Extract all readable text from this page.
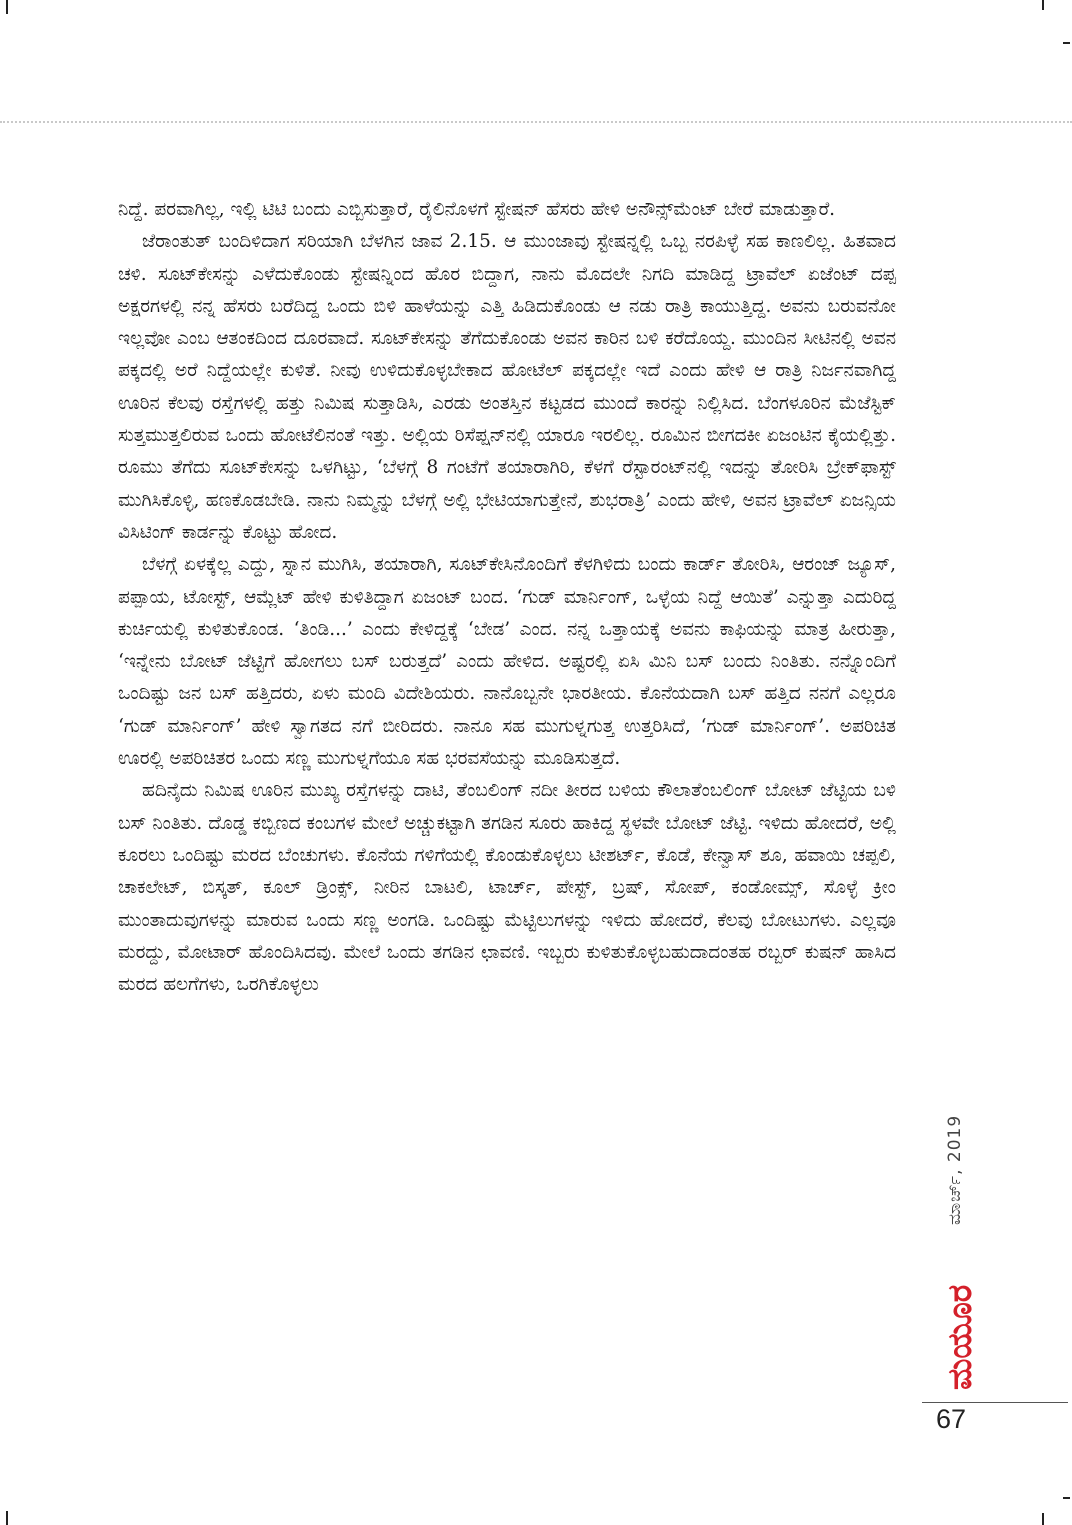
ನಿದ್ದೆ. ಪರವಾಗಿಲ್ಲ, ಇಲ್ಲಿ ಟಿಟಿ ಬಂದು ಎಬ್ಬಿಸುತ್ತಾರೆ, ರೈಲಿನೊಳಗೆ ಸ್ಟೇಷನ್ ಹೆಸರು ಹೇಳಿ ಅನೌನ್ಸ್‌ಮೆಂಟ್ ಬೇರೆ ಮಾಡುತ್ತಾರೆ.

ಜೆರಾಂತುತ್ ಬಂದಿಳಿದಾಗ ಸರಿಯಾಗಿ ಬೆಳಗಿನ ಜಾವ 2.15. ಆ ಮುಂಜಾವು ಸ್ಟೇಷನ್ನಲ್ಲಿ ಒಬ್ಬ ನರಪಿಳ್ಳೆ ಸಹ ಕಾಣಲಿಲ್ಲ. ಹಿತವಾದ ಚಳಿ. ಸೂಟ್‌ಕೇಸನ್ನು ಎಳೆದುಕೊಂಡು ಸ್ಟೇಷನ್ನಿಂದ ಹೊರ ಬಿದ್ದಾಗ, ನಾನು ಮೊದಲೇ ನಿಗದಿ ಮಾಡಿದ್ದ ಟ್ರಾವೆಲ್ ಏಜೆಂಟ್ ದಪ್ಪ ಅಕ್ಷರಗಳಲ್ಲಿ ನನ್ನ ಹೆಸರು ಬರೆದಿದ್ದ ಒಂದು ಬಿಳಿ ಹಾಳೆಯನ್ನು ಎತ್ತಿ ಹಿಡಿದುಕೊಂಡು ಆ ನಡು ರಾತ್ರಿ ಕಾಯುತ್ತಿದ್ದ. ಅವನು ಬರುವನೋ ಇಲ್ಲವೋ ಎಂಬ ಆತಂಕದಿಂದ ದೂರವಾದೆ. ಸೂಟ್‌ಕೇಸನ್ನು ತೆಗೆದುಕೊಂಡು ಅವನ ಕಾರಿನ ಬಳಿ ಕರೆದೊಯ್ದ. ಮುಂದಿನ ಸೀಟಿನಲ್ಲಿ ಅವನ ಪಕ್ಕದಲ್ಲಿ ಅರೆ ನಿದ್ದೆಯಲ್ಲೇ ಕುಳಿತೆ. ನೀವು ಉಳಿದುಕೊಳ್ಳಬೇಕಾದ ಹೋಟೆಲ್ ಪಕ್ಕದಲ್ಲೇ ಇದೆ ಎಂದು ಹೇಳಿ ಆ ರಾತ್ರಿ ನಿರ್ಜನವಾಗಿದ್ದ ಊರಿನ ಕೆಲವು ರಸ್ತೆಗಳಲ್ಲಿ ಹತ್ತು ನಿಮಿಷ ಸುತ್ತಾಡಿಸಿ, ಎರಡು ಅಂತಸ್ತಿನ ಕಟ್ಟಡದ ಮುಂದೆ ಕಾರನ್ನು ನಿಲ್ಲಿಸಿದ. ಬೆಂಗಳೂರಿನ ಮೆಜೆಸ್ಟಿಕ್ ಸುತ್ತಮುತ್ತಲಿರುವ ಒಂದು ಹೋಟೆಲಿನಂತೆ ಇತ್ತು. ಅಲ್ಲಿಯ ರಿಸೆಪ್ಷನ್‌ನಲ್ಲಿ ಯಾರೂ ಇರಲಿಲ್ಲ. ರೂಮಿನ ಬೀಗದಕೀ ಏಜಂಟಿನ ಕೈಯಲ್ಲಿತ್ತು. ರೂಮು ತೆಗೆದು ಸೂಟ್‌ಕೇಸನ್ನು ಒಳಗಿಟ್ಟು, ‘ಬೆಳಗ್ಗೆ 8 ಗಂಟೆಗೆ ತಯಾರಾಗಿರಿ, ಕೆಳಗೆ ರೆಸ್ಟಾರಂಟ್‌ನಲ್ಲಿ ಇದನ್ನು ತೋರಿಸಿ ಬ್ರೇಕ್‌ಫಾಸ್ಟ್ ಮುಗಿಸಿಕೊಳ್ಳಿ, ಹಣಕೊಡಬೇಡಿ. ನಾನು ನಿಮ್ಮನ್ನು ಬೆಳಗ್ಗೆ ಅಲ್ಲಿ ಭೇಟಿಯಾಗುತ್ತೇನೆ, ಶುಭರಾತ್ರಿ’ ಎಂದು ಹೇಳಿ, ಅವನ ಟ್ರಾವೆಲ್ ಏಜನ್ಸಿಯ ವಿಸಿಟಿಂಗ್ ಕಾರ್ಡನ್ನು ಕೊಟ್ಟು ಹೋದ.

ಬೆಳಗ್ಗೆ ಏಳಕ್ಕೆಲ್ಲ ಎದ್ದು, ಸ್ನಾನ ಮುಗಿಸಿ, ತಯಾರಾಗಿ, ಸೂಟ್‌ಕೇಸಿನೊಂದಿಗೆ ಕೆಳಗಿಳಿದು ಬಂದು ಕಾರ್ಡ್ ತೋರಿಸಿ, ಆರಂಜ್ ಜ್ಯೂಸ್, ಪಪ್ಪಾಯ, ಟೋಸ್ಟ್, ಆಮ್ಲೆಟ್ ಹೇಳಿ ಕುಳಿತಿದ್ದಾಗ ಏಜಂಟ್ ಬಂದ. ‘ಗುಡ್ ಮಾರ್ನಿಂಗ್, ಒಳ್ಳೆಯ ನಿದ್ದೆ ಆಯಿತೆ’ ಎನ್ನುತ್ತಾ ಎದುರಿದ್ದ ಕುರ್ಚಿಯಲ್ಲಿ ಕುಳಿತುಕೊಂಡ. ‘ತಿಂಡಿ...’ ಎಂದು ಕೇಳಿದ್ದಕ್ಕೆ ‘ಬೇಡ’ ಎಂದ. ನನ್ನ ಒತ್ತಾಯಕ್ಕೆ ಅವನು ಕಾಫಿಯನ್ನು ಮಾತ್ರ ಹೀರುತ್ತಾ, ‘ಇನ್ನೇನು ಬೋಟ್ ಜೆಟ್ಟಿಗೆ ಹೋಗಲು ಬಸ್ ಬರುತ್ತದೆ’ ಎಂದು ಹೇಳಿದ. ಅಷ್ಟರಲ್ಲಿ ಏಸಿ ಮಿನಿ ಬಸ್ ಬಂದು ನಿಂತಿತು. ನನ್ನೊಂದಿಗೆ ಒಂದಿಷ್ಟು ಜನ ಬಸ್ ಹತ್ತಿದರು, ಏಳು ಮಂದಿ ವಿದೇಶಿಯರು. ನಾನೊಬ್ಬನೇ ಭಾರತೀಯ. ಕೊನೆಯದಾಗಿ ಬಸ್ ಹತ್ತಿದ ನನಗೆ ಎಲ್ಲರೂ ‘ಗುಡ್ ಮಾರ್ನಿಂಗ್’ ಹೇಳಿ ಸ್ವಾಗತದ ನಗೆ ಬೀರಿದರು. ನಾನೂ ಸಹ ಮುಗುಳ್ನಗುತ್ತ ಉತ್ತರಿಸಿದೆ, ‘ಗುಡ್ ಮಾರ್ನಿಂಗ್’. ಅಪರಿಚಿತ ಊರಲ್ಲಿ ಅಪರಿಚಿತರ ಒಂದು ಸಣ್ಣ ಮುಗುಳ್ನಗೆಯೂ ಸಹ ಭರವಸೆಯನ್ನು ಮೂಡಿಸುತ್ತದೆ.

ಹದಿನೈದು ನಿಮಿಷ ಊರಿನ ಮುಖ್ಯ ರಸ್ತೆಗಳನ್ನು ದಾಟಿ, ತೆಂಬಲಿಂಗ್ ನದೀ ತೀರದ ಬಳಿಯ ಕೌಲಾತೆಂಬಲಿಂಗ್ ಬೋಟ್ ಜೆಟ್ಟಿಯ ಬಳಿ ಬಸ್ ನಿಂತಿತು. ದೊಡ್ಡ ಕಬ್ಬಿಣದ ಕಂಬಗಳ ಮೇಲೆ ಅಚ್ಚುಕಟ್ಟಾಗಿ ತಗಡಿನ ಸೂರು ಹಾಕಿದ್ದ ಸ್ಥಳವೇ ಬೋಟ್ ಜೆಟ್ಟಿ. ಇಳಿದು ಹೋದರೆ, ಅಲ್ಲಿ ಕೂರಲು ಒಂದಿಷ್ಟು ಮರದ ಬೆಂಚುಗಳು. ಕೊನೆಯ ಗಳಿಗೆಯಲ್ಲಿ ಕೊಂಡುಕೊಳ್ಳಲು ಟೀಶರ್ಟ್, ಕೊಡೆ, ಕೇನ್ವಾಸ್ ಶೂ, ಹವಾಯಿ ಚಪ್ಪಲಿ, ಚಾಕಲೇಟ್, ಬಿಸ್ಕತ್, ಕೂಲ್ ಡ್ರಿಂಕ್ಸ್, ನೀರಿನ ಬಾಟಲಿ, ಟಾರ್ಚ್, ಪೇಸ್ಟ್, ಬ್ರಷ್, ಸೋಪ್, ಕಂಡೋಮ್ಸ್, ಸೊಳ್ಳೆ ಕ್ರೀಂ ಮುಂತಾದುವುಗಳನ್ನು ಮಾರುವ ಒಂದು ಸಣ್ಣ ಅಂಗಡಿ. ಒಂದಿಷ್ಟು ಮೆಟ್ಟಿಲುಗಳನ್ನು ಇಳಿದು ಹೋದರೆ, ಕೆಲವು ಬೋಟುಗಳು. ಎಲ್ಲವೂ ಮರದ್ದು, ಮೋಟಾರ್ ಹೊಂದಿಸಿದವು. ಮೇಲೆ ಒಂದು ತಗಡಿನ ಛಾವಣಿ. ಇಬ್ಬರು ಕುಳಿತುಕೊಳ್ಳಬಹುದಾದಂತಹ ರಬ್ಬರ್ ಕುಷನ್ ಹಾಸಿದ ಮರದ ಹಲಗೆಗಳು, ಒರಗಿಕೊಳ್ಳಲು

ಮಾರ್ಚ್, 2019
ಮಯೂರ
67
